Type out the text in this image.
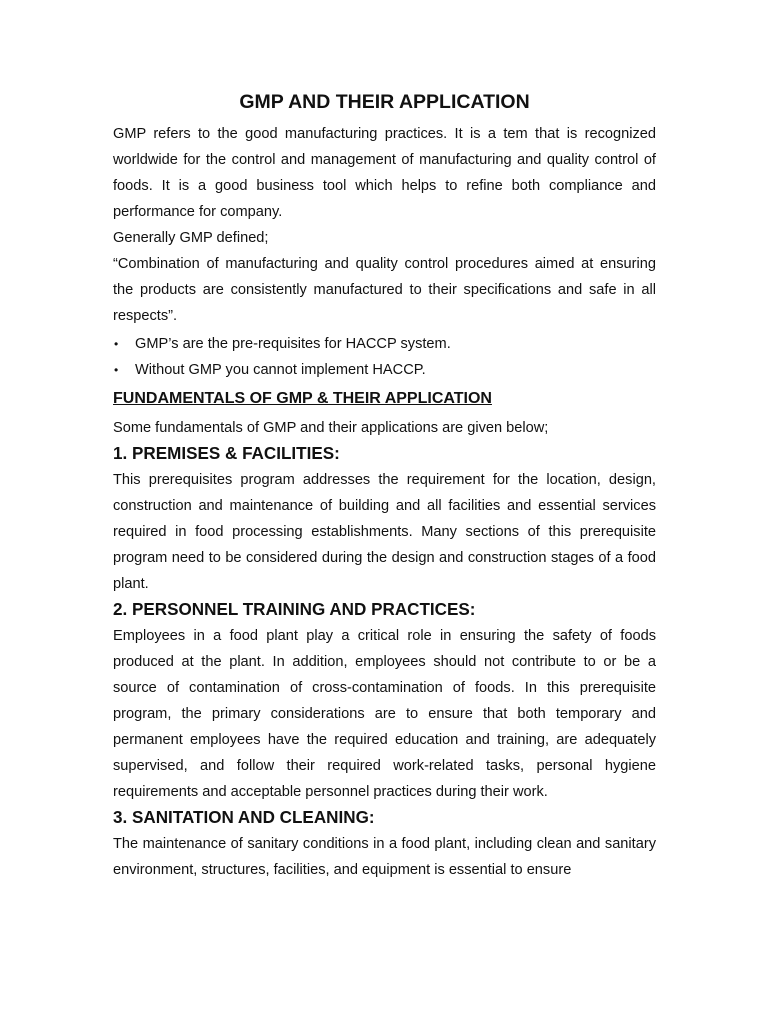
GMP AND THEIR APPLICATION

GMP refers to the good manufacturing practices. It is a tem that is recognized worldwide for the control and management of manufacturing and quality control of foods. It is a good business tool which helps to refine both compliance and performance for company.

Generally GMP defined;

“Combination of manufacturing and quality control procedures aimed at ensuring the products are consistently manufactured to their specifications and safe in all respects”.

• GMP’s are the pre-requisites for HACCP system.
• Without GMP you cannot implement HACCP.
FUNDAMENTALS OF GMP & THEIR APPLICATION

Some fundamentals of GMP and their applications are given below;

1. PREMISES & FACILITIES:

This prerequisites program addresses the requirement for the location, design, construction and maintenance of building and all facilities and essential services required in food processing establishments. Many sections of this prerequisite program need to be considered during the design and construction stages of a food plant.

2. PERSONNEL TRAINING AND PRACTICES:

Employees in a food plant play a critical role in ensuring the safety of foods produced at the plant. In addition, employees should not contribute to or be a source of contamination of cross-contamination of foods. In this prerequisite program, the primary considerations are to ensure that both temporary and permanent employees have the required education and training, are adequately supervised, and follow their required work-related tasks, personal hygiene requirements and acceptable personnel practices during their work.

3. SANITATION AND CLEANING:

The maintenance of sanitary conditions in a food plant, including clean and sanitary environment, structures, facilities, and equipment is essential to ensure
